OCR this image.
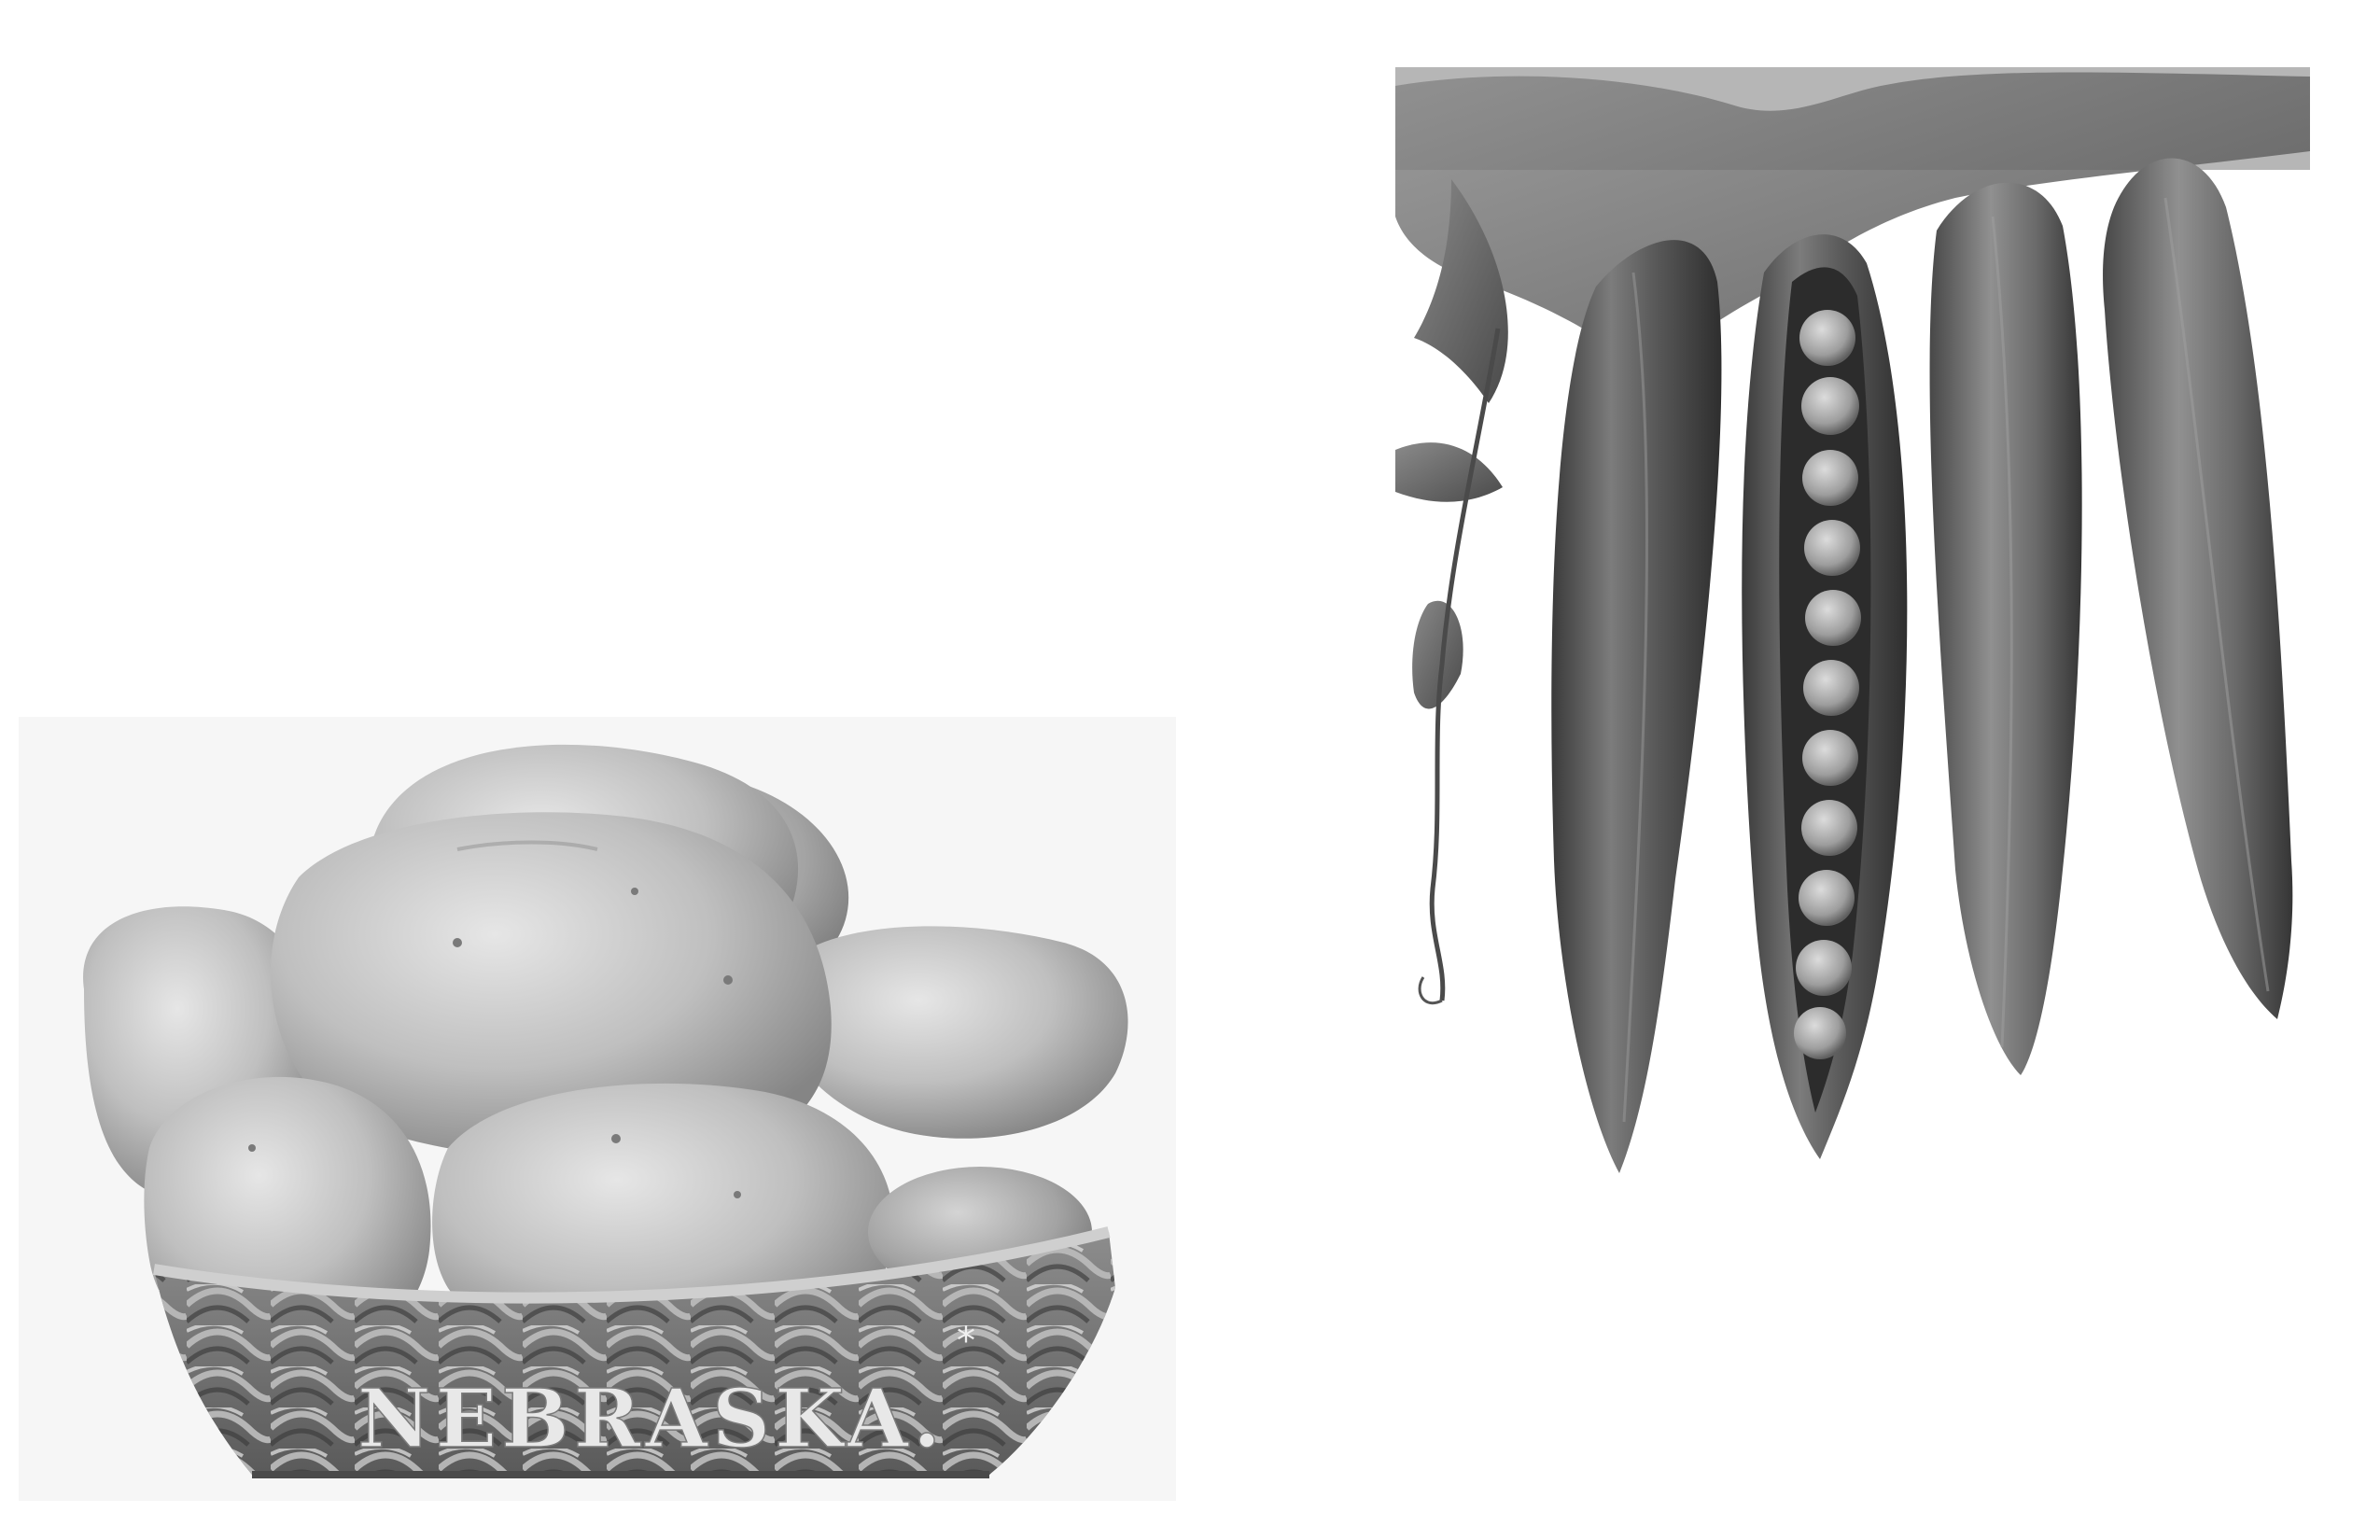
*
NEBRASKA.
